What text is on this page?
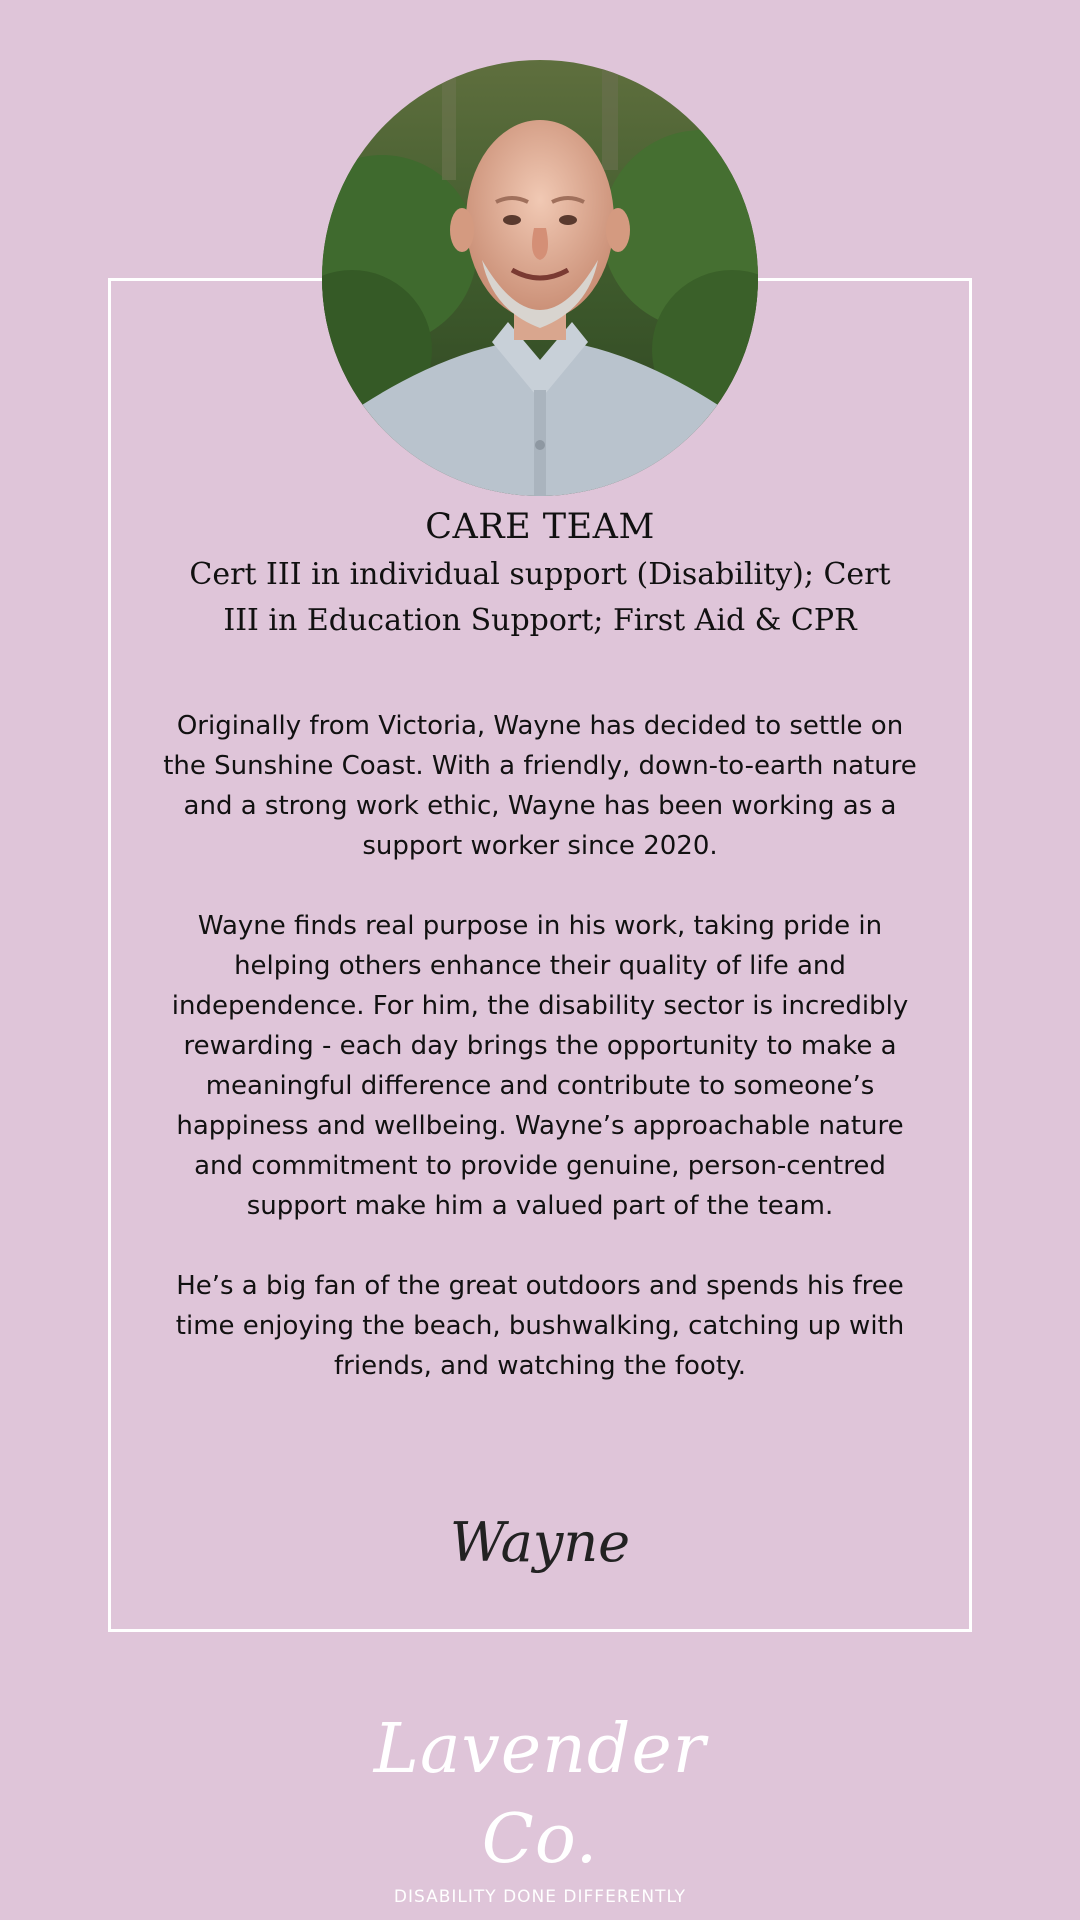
CARE TEAM
Cert III in individual support (Disability); Cert III in Education Support; First Aid & CPR

Originally from Victoria, Wayne has decided to settle on the Sunshine Coast. With a friendly, down-to-earth nature and a strong work ethic, Wayne has been working as a support worker since 2020.

Wayne finds real purpose in his work, taking pride in helping others enhance their quality of life and independence. For him, the disability sector is incredibly rewarding - each day brings the opportunity to make a meaningful difference and contribute to someone’s happiness and wellbeing. Wayne’s approachable nature and commitment to provide genuine, person-centred support make him a valued part of the team.

He’s a big fan of the great outdoors and spends his free time enjoying the beach, bushwalking, catching up with friends, and watching the footy.

Wayne
Lavender Co.
DISABILITY DONE DIFFERENTLY
